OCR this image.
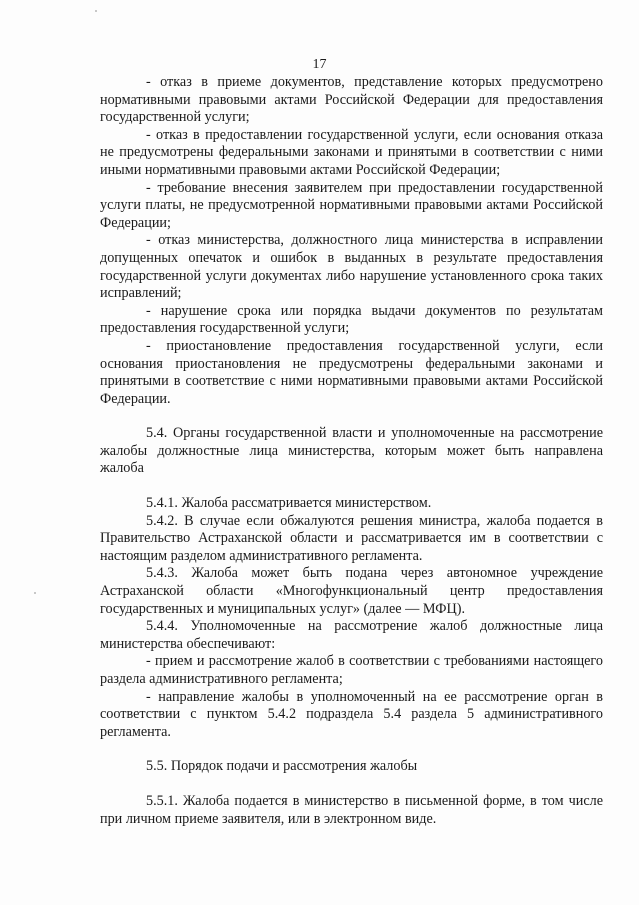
17

- отказ в приеме документов, представление которых предусмотрено нормативными правовыми актами Российской Федерации для предоставления государственной услуги;

- отказ в предоставлении государственной услуги, если основания отказа не предусмотрены федеральными законами и принятыми в соответствии с ними иными нормативными правовыми актами Российской Федерации;

- требование внесения заявителем при предоставлении государственной услуги платы, не предусмотренной нормативными правовыми актами Российской Федерации;

- отказ министерства, должностного лица министерства в исправлении допущенных опечаток и ошибок в выданных в результате предоставления государственной услуги документах либо нарушение установленного срока таких исправлений;

- нарушение срока или порядка выдачи документов по результатам предоставления государственной услуги;

- приостановление предоставления государственной услуги, если основания приостановления не предусмотрены федеральными законами и принятыми в соответствие с ними нормативными правовыми актами Российской Федерации.

5.4. Органы государственной власти и уполномоченные на рассмотрение жалобы должностные лица министерства, которым может быть направлена жалоба

5.4.1. Жалоба рассматривается министерством.

5.4.2. В случае если обжалуются решения министра, жалоба подается в Правительство Астраханской области и рассматривается им в соответствии с настоящим разделом административного регламента.

5.4.3. Жалоба может быть подана через автономное учреждение Астраханской области «Многофункциональный центр предоставления государственных и муниципальных услуг» (далее — МФЦ).

5.4.4. Уполномоченные на рассмотрение жалоб должностные лица министерства обеспечивают:

- прием и рассмотрение жалоб в соответствии с требованиями настоящего раздела административного регламента;

- направление жалобы в уполномоченный на ее рассмотрение орган в соответствии с пунктом 5.4.2 подраздела 5.4 раздела 5 административного регламента.

5.5. Порядок подачи и рассмотрения жалобы

5.5.1. Жалоба подается в министерство в письменной форме, в том числе при личном приеме заявителя, или в электронном виде.
